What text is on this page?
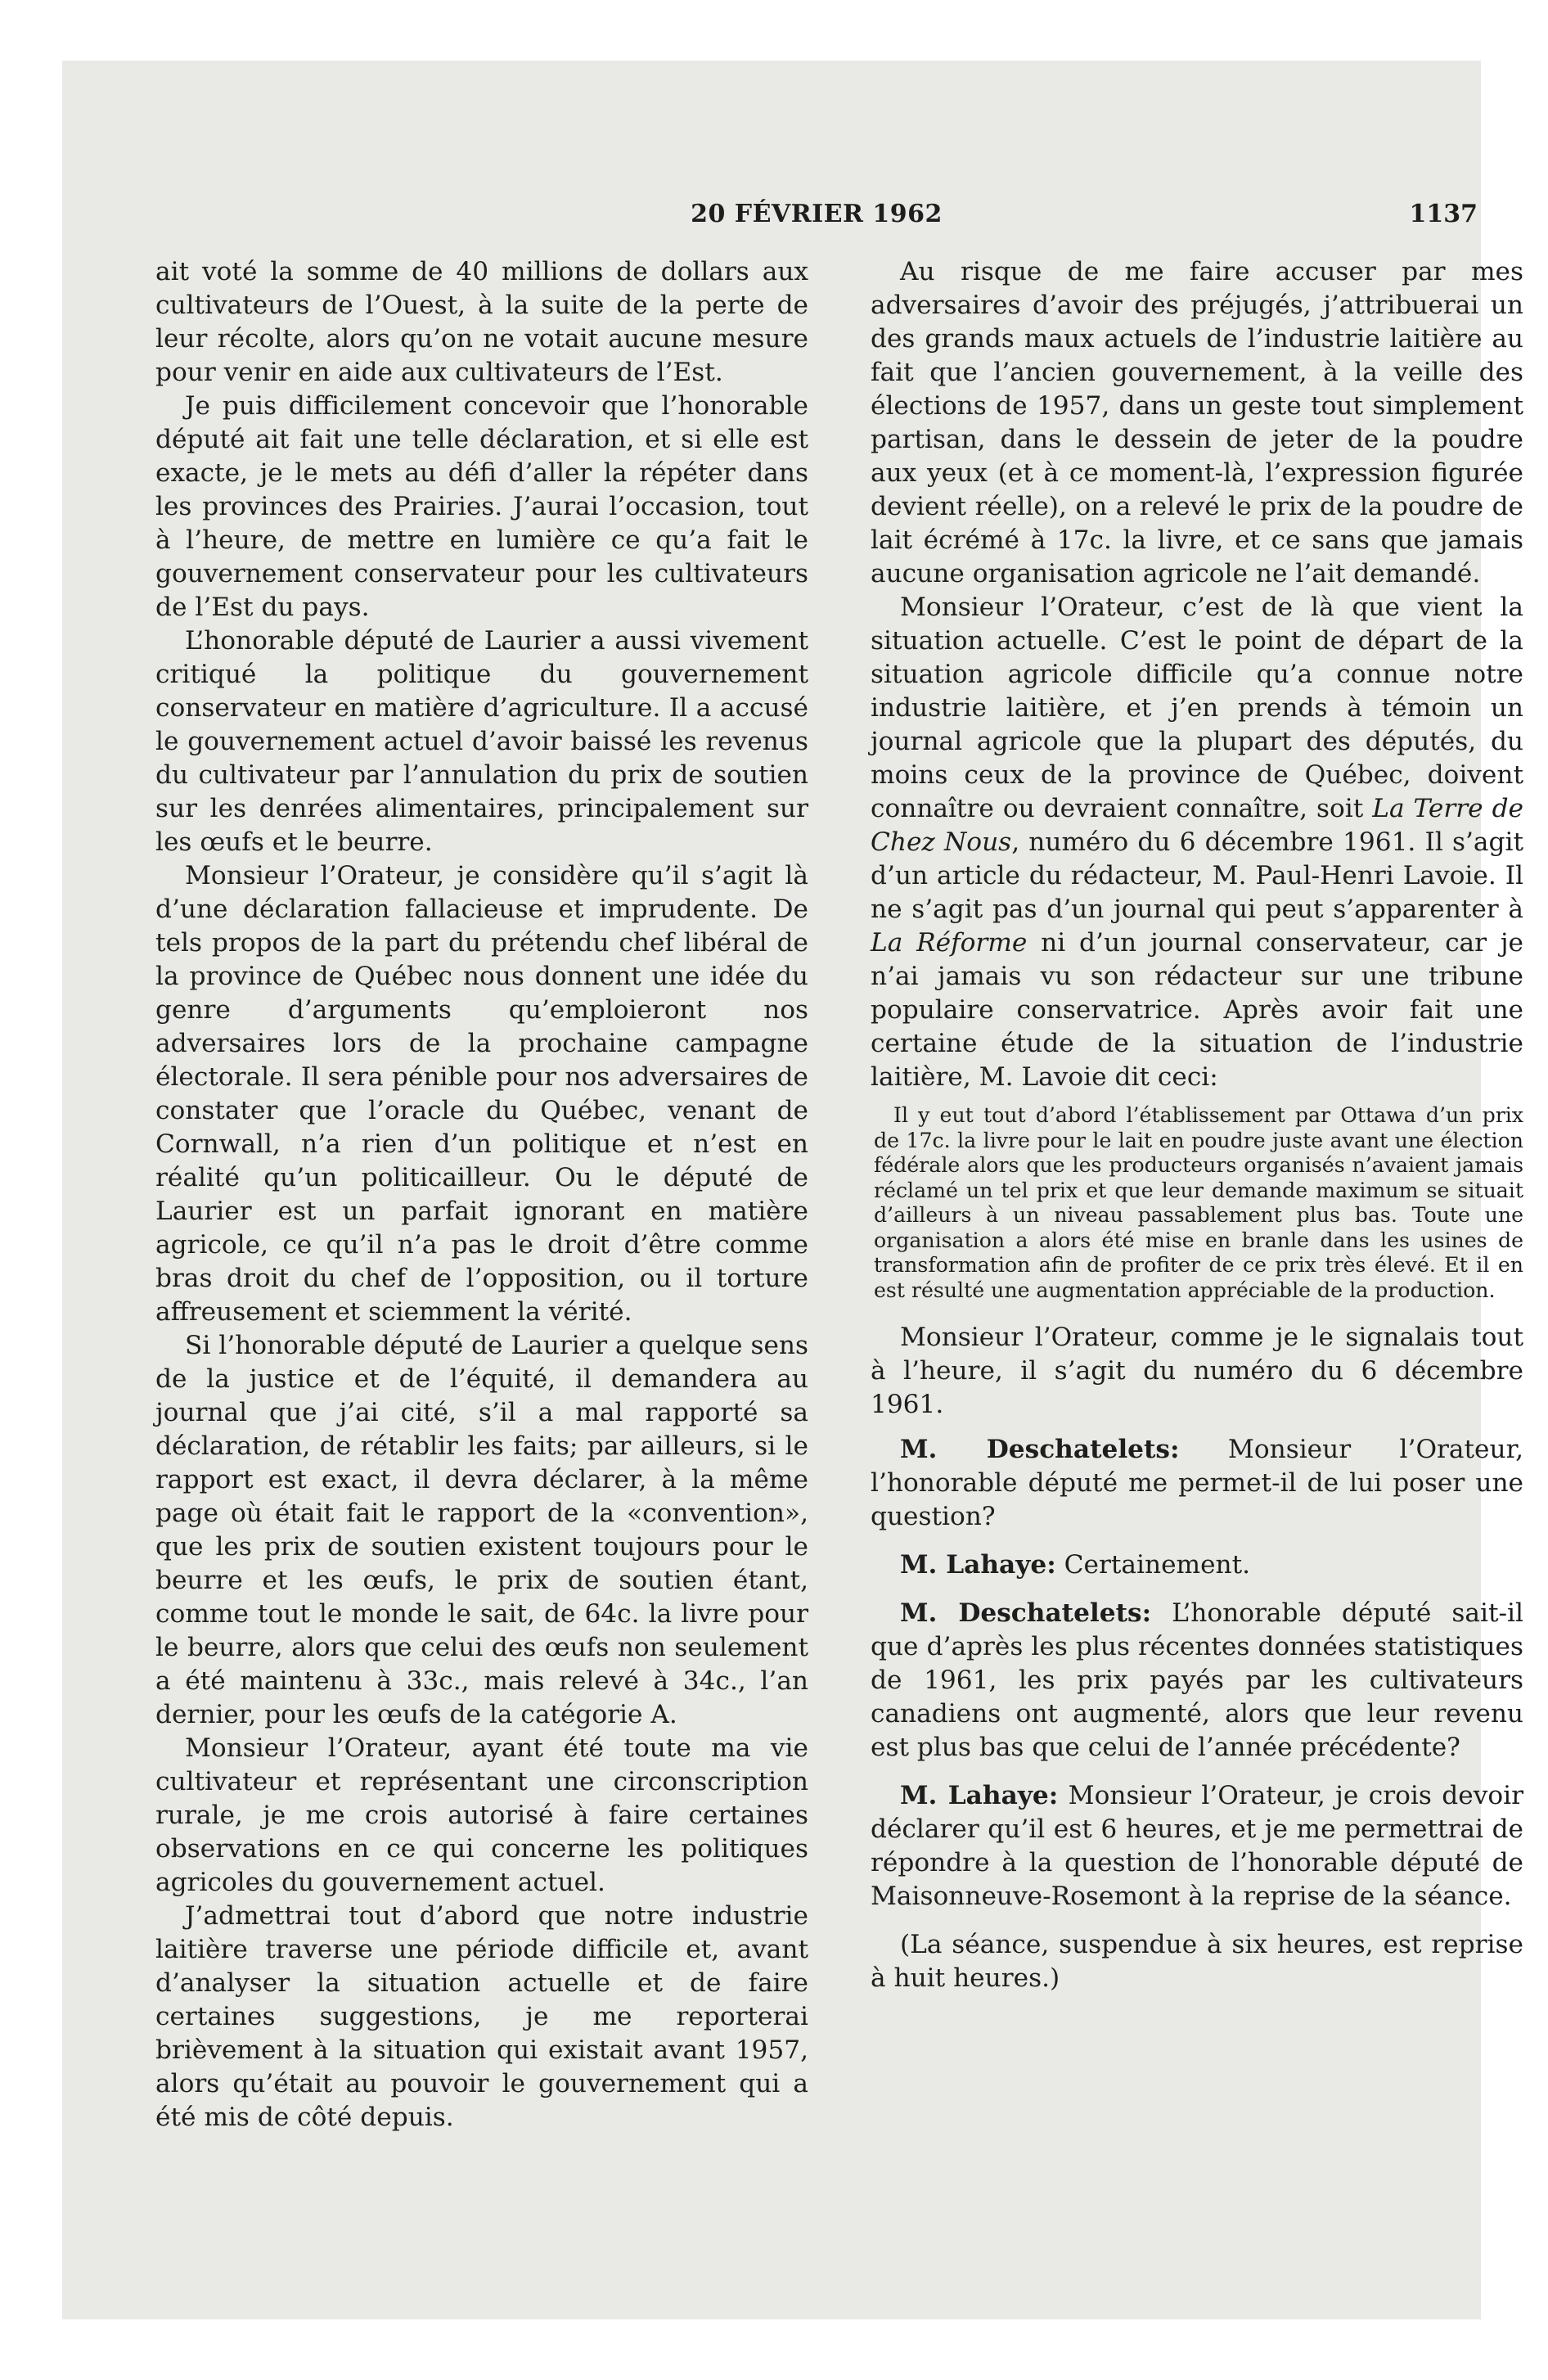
20 FÉVRIER 1962	1137

ait voté la somme de 40 millions de dollars aux cultivateurs de l’Ouest, à la suite de la perte de leur récolte, alors qu’on ne votait aucune mesure pour venir en aide aux cultivateurs de l’Est.

Je puis difficilement concevoir que l’honorable député ait fait une telle déclaration, et si elle est exacte, je le mets au défi d’aller la répéter dans les provinces des Prairies. J’aurai l’occasion, tout à l’heure, de mettre en lumière ce qu’a fait le gouvernement conservateur pour les cultivateurs de l’Est du pays.

L’honorable député de Laurier a aussi vivement critiqué la politique du gouvernement conservateur en matière d’agriculture. Il a accusé le gouvernement actuel d’avoir baissé les revenus du cultivateur par l’annulation du prix de soutien sur les denrées alimentaires, principalement sur les œufs et le beurre.

Monsieur l’Orateur, je considère qu’il s’agit là d’une déclaration fallacieuse et imprudente. De tels propos de la part du prétendu chef libéral de la province de Québec nous donnent une idée du genre d’arguments qu’emploieront nos adversaires lors de la prochaine campagne électorale. Il sera pénible pour nos adversaires de constater que l’oracle du Québec, venant de Cornwall, n’a rien d’un politique et n’est en réalité qu’un politicailleur. Ou le député de Laurier est un parfait ignorant en matière agricole, ce qu’il n’a pas le droit d’être comme bras droit du chef de l’opposition, ou il torture affreusement et sciemment la vérité.

Si l’honorable député de Laurier a quelque sens de la justice et de l’équité, il demandera au journal que j’ai cité, s’il a mal rapporté sa déclaration, de rétablir les faits; par ailleurs, si le rapport est exact, il devra déclarer, à la même page où était fait le rapport de la «convention», que les prix de soutien existent toujours pour le beurre et les œufs, le prix de soutien étant, comme tout le monde le sait, de 64c. la livre pour le beurre, alors que celui des œufs non seulement a été maintenu à 33c., mais relevé à 34c., l’an dernier, pour les œufs de la catégorie A.

Monsieur l’Orateur, ayant été toute ma vie cultivateur et représentant une circonscription rurale, je me crois autorisé à faire certaines observations en ce qui concerne les politiques agricoles du gouvernement actuel.

J’admettrai tout d’abord que notre industrie laitière traverse une période difficile et, avant d’analyser la situation actuelle et de faire certaines suggestions, je me reporterai brièvement à la situation qui existait avant 1957, alors qu’était au pouvoir le gouvernement qui a été mis de côté depuis.

Au risque de me faire accuser par mes adversaires d’avoir des préjugés, j’attribuerai un des grands maux actuels de l’industrie laitière au fait que l’ancien gouvernement, à la veille des élections de 1957, dans un geste tout simplement partisan, dans le dessein de jeter de la poudre aux yeux (et à ce moment-là, l’expression figurée devient réelle), on a relevé le prix de la poudre de lait écrémé à 17c. la livre, et ce sans que jamais aucune organisation agricole ne l’ait demandé.

Monsieur l’Orateur, c’est de là que vient la situation actuelle. C’est le point de départ de la situation agricole difficile qu’a connue notre industrie laitière, et j’en prends à témoin un journal agricole que la plupart des députés, du moins ceux de la province de Québec, doivent connaître ou devraient connaître, soit La Terre de Chez Nous, numéro du 6 décembre 1961. Il s’agit d’un article du rédacteur, M. Paul-Henri Lavoie. Il ne s’agit pas d’un journal qui peut s’apparenter à La Réforme ni d’un journal conservateur, car je n’ai jamais vu son rédacteur sur une tribune populaire conservatrice. Après avoir fait une certaine étude de la situation de l’industrie laitière, M. Lavoie dit ceci:

Il y eut tout d’abord l’établissement par Ottawa d’un prix de 17c. la livre pour le lait en poudre juste avant une élection fédérale alors que les producteurs organisés n’avaient jamais réclamé un tel prix et que leur demande maximum se situait d’ailleurs à un niveau passablement plus bas. Toute une organisation a alors été mise en branle dans les usines de transformation afin de profiter de ce prix très élevé. Et il en est résulté une augmentation appréciable de la production.

Monsieur l’Orateur, comme je le signalais tout à l’heure, il s’agit du numéro du 6 décembre 1961.

M. Deschatelets: Monsieur l’Orateur, l’honorable député me permet-il de lui poser une question?

M. Lahaye: Certainement.

M. Deschatelets: L’honorable député sait-il que d’après les plus récentes données statistiques de 1961, les prix payés par les cultivateurs canadiens ont augmenté, alors que leur revenu est plus bas que celui de l’année précédente?

M. Lahaye: Monsieur l’Orateur, je crois devoir déclarer qu’il est 6 heures, et je me permettrai de répondre à la question de l’honorable député de Maisonneuve-Rosemont à la reprise de la séance.

(La séance, suspendue à six heures, est reprise à huit heures.)
